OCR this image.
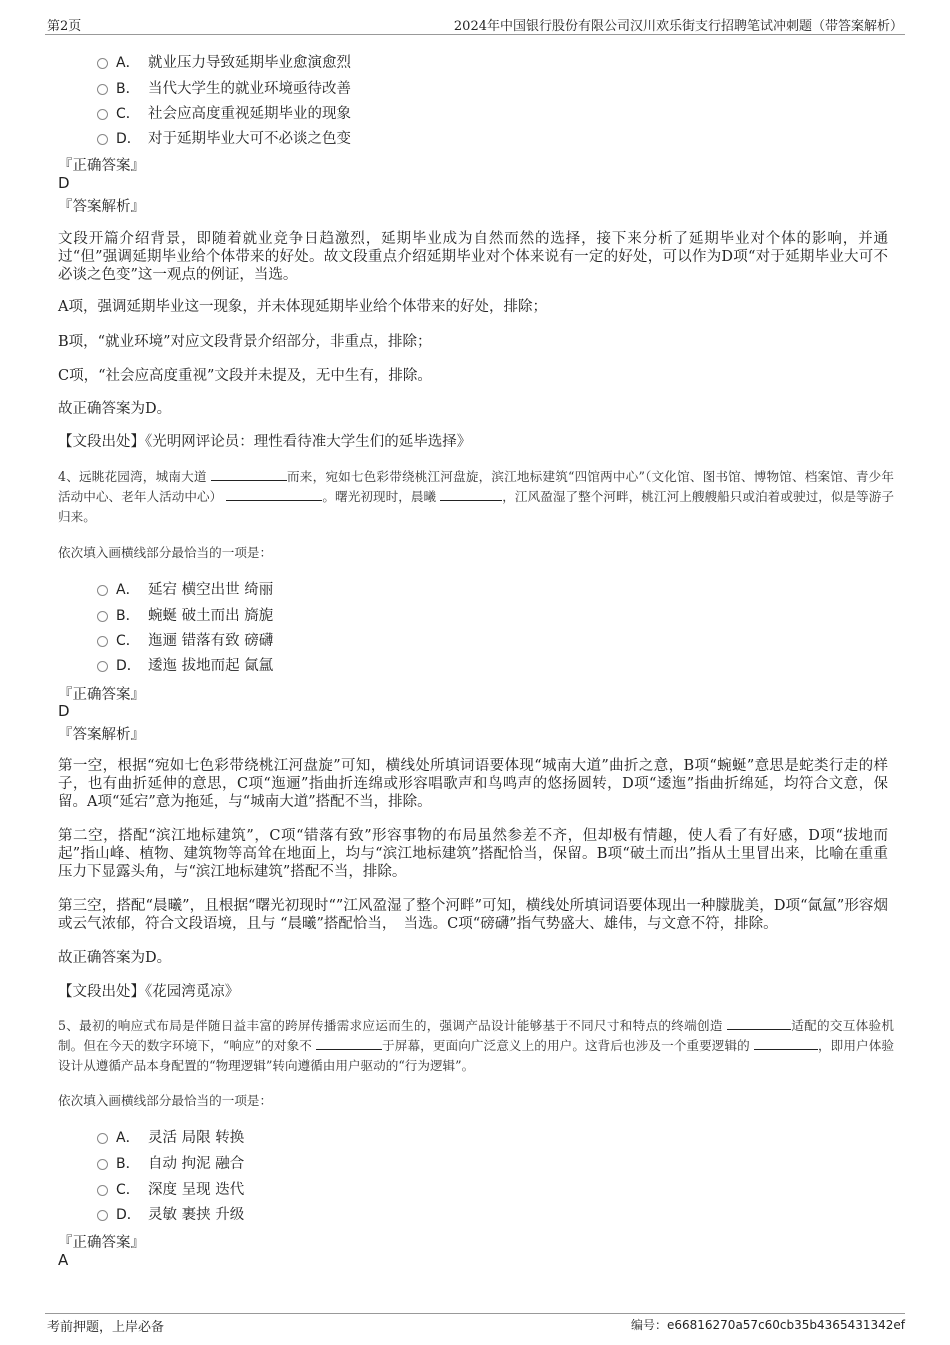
第2页	2024年中国银行股份有限公司汉川欢乐街支行招聘笔试冲刺题（带答案解析）
A． 就业压力导致延期毕业愈演愈烈
B． 当代大学生的就业环境亟待改善
C． 社会应高度重视延期毕业的现象
D． 对于延期毕业大可不必谈之色变
『正确答案』
D
『答案解析』
文段开篇介绍背景，即随着就业竞争日趋激烈，延期毕业成为自然而然的选择，接下来分析了延期毕业对个体的影响，并通过“但”强调延期毕业给个体带来的好处。故文段重点介绍延期毕业对个体来说有一定的好处，可以作为D项“对于延期毕业大可不必谈之色变”这一观点的例证，当选。
A项，强调延期毕业这一现象，并未体现延期毕业给个体带来的好处，排除；
B项，“就业环境”对应文段背景介绍部分，非重点，排除；
C项，“社会应高度重视”文段并未提及，无中生有，排除。
故正确答案为D。
【文段出处】《光明网评论员：理性看待准大学生们的延毕选择》
4、远眺花园湾，城南大道	而来，宛如七色彩带绕桃江河盘旋，滨江地标建筑“四馆两中心”（文化馆、图书馆、博物馆、档案馆、青少年活动中心、老年人活动中心）	。曙光初现时，晨曦	，江风盈湿了整个河畔，桃江河上艘艘船只或泊着或驶过，似是等游子归来。
依次填入画横线部分最恰当的一项是：
A． 延宕 横空出世 绮丽
B． 蜿蜒 破土而出 旖旎
C． 迤逦 错落有致 磅礴
D． 逶迤 拔地而起 氤氲
『正确答案』
D
『答案解析』
第一空，根据“宛如七色彩带绕桃江河盘旋”可知，横线处所填词语要体现“城南大道”曲折之意，B项“蜿蜒”意思是蛇类行走的样子，也有曲折延伸的意思，C项“迤逦”指曲折连绵或形容唱歌声和鸟鸣声的悠扬圆转，D项“逶迤”指曲折绵延，均符合文意，保留。A项“延宕”意为拖延，与“城南大道”搭配不当，排除。
第二空，搭配“滨江地标建筑”，C项“错落有致”形容事物的布局虽然参差不齐，但却极有情趣，使人看了有好感，D项“拔地而起”指山峰、植物、建筑物等高耸在地面上，均与“滨江地标建筑”搭配恰当，保留。B项“破土而出”指从土里冒出来，比喻在重重压力下显露头角，与“滨江地标建筑”搭配不当，排除。
第三空，搭配“晨曦”，且根据“曙光初现时“”江风盈湿了整个河畔”可知，横线处所填词语要体现出一种朦胧美，D项“氤氲”形容烟或云气浓郁，符合文段语境，且与 “晨曦”搭配恰当，　当选。C项“磅礴”指气势盛大、雄伟，与文意不符，排除。
故正确答案为D。
【文段出处】《花园湾觅凉》
5、最初的响应式布局是伴随日益丰富的跨屏传播需求应运而生的，强调产品设计能够基于不同尺寸和特点的终端创造	适配的交互体验机制。但在今天的数字环境下，“响应”的对象不	于屏幕，更面向广泛意义上的用户。这背后也涉及一个重要逻辑的	，即用户体验设计从遵循产品本身配置的“物理逻辑”转向遵循由用户驱动的“行为逻辑”。
依次填入画横线部分最恰当的一项是：
A． 灵活 局限 转换
B． 自动 拘泥 融合
C． 深度 呈现 迭代
D． 灵敏 裹挟 升级
『正确答案』
A
考前押题，上岸必备	编号：e66816270a57c60cb35b4365431342ef
